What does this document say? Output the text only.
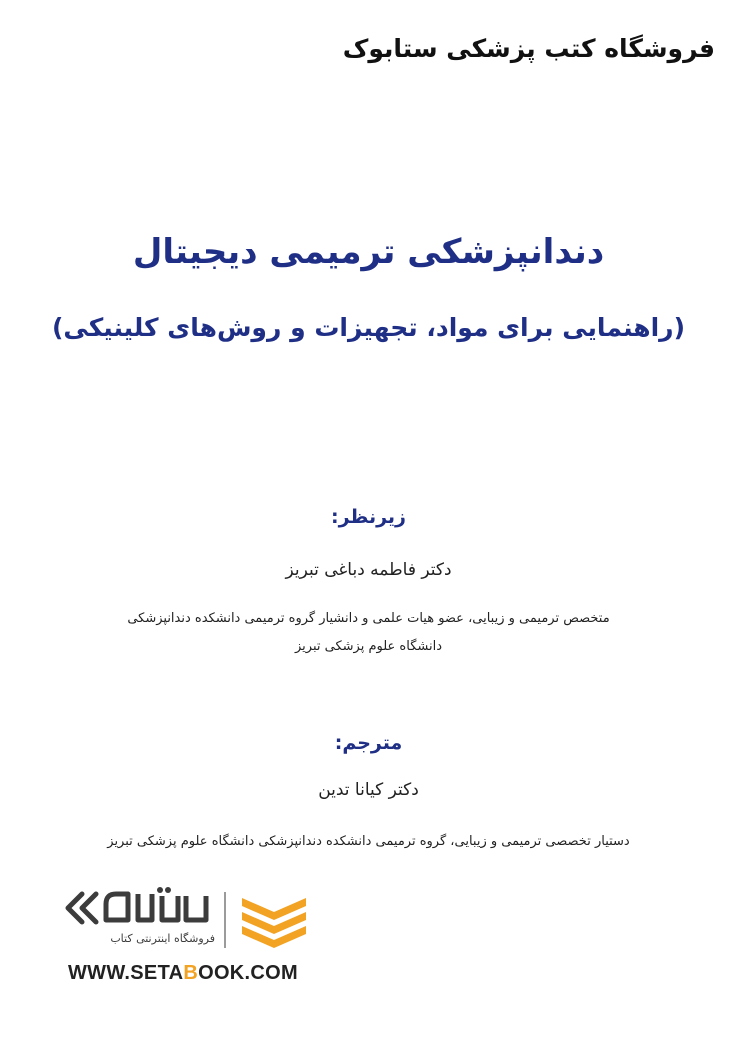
فروشگاه کتب پزشکی ستابوک
دندانپزشکی ترمیمی دیجیتال
(راهنمایی برای مواد، تجهیزات و روش‌های کلینیکی)
زیرنظر:
دکتر فاطمه دباغی تبریز
متخصص ترمیمی و زیبایی، عضو هیات علمی و دانشیار گروه ترمیمی دانشکده دندانپزشکی
دانشگاه علوم پزشکی تبریز
مترجم:
دکتر کیانا تدین
دستیار تخصصی ترمیمی و زیبایی، گروه ترمیمی دانشکده دندانپزشکی دانشگاه علوم پزشکی تبریز
فروشگاه اینترنتی کتاب
WWW.SETABOOK.COM
